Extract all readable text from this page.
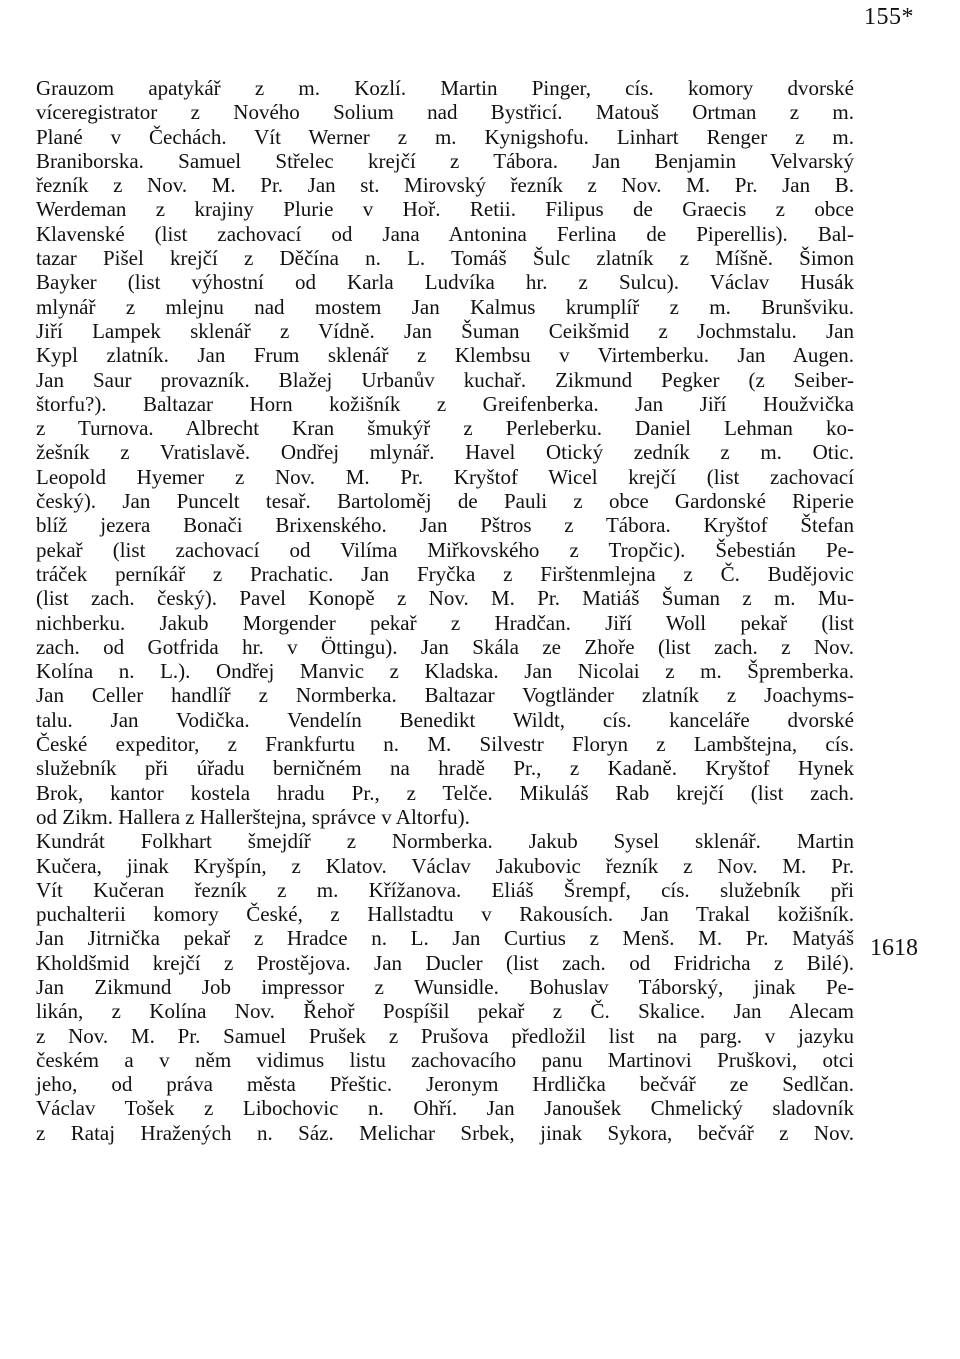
155*
1618
Grauzom apatykář z m. Kozlí. Martin Pinger, cís. komory dvorské
víceregistrator z Nového Solium nad Bystřicí. Matouš Ortman z m.
Plané v Čechách. Vít Werner z m. Kynigshofu. Linhart Renger z m.
Braniborska. Samuel Střelec krejčí z Tábora. Jan Benjamin Velvarský
řezník z Nov. M. Pr. Jan st. Mirovský řezník z Nov. M. Pr. Jan B.
Werdeman z krajiny Plurie v Hoř. Retii. Filipus de Graecis z obce
Klavenské (list zachovací od Jana Antonina Ferlina de Piperellis). Bal-
tazar Pišel krejčí z Děčína n. L. Tomáš Šulc zlatník z Míšně. Šimon
Bayker (list výhostní od Karla Ludvíka hr. z Sulcu). Václav Husák
mlynář z mlejnu nad mostem Jan Kalmus krumplíř z m. Brunšviku.
Jiří Lampek sklenář z Vídně. Jan Šuman Ceikšmid z Jochmstalu. Jan
Kypl zlatník. Jan Frum sklenář z Klembsu v Virtemberku. Jan Augen.
Jan Saur provazník. Blažej Urbanův kuchař. Zikmund Pegker (z Seiber-
štorfu?). Baltazar Horn kožišník z Greifenberka. Jan Jiří Houžvička
z Turnova. Albrecht Kran šmukýř z Perleberku. Daniel Lehman ko-
žešník z Vratislavě. Ondřej mlynář. Havel Otický zedník z m. Otic.
Leopold Hyemer z Nov. M. Pr. Kryštof Wicel krejčí (list zachovací
český). Jan Puncelt tesař. Bartoloměj de Pauli z obce Gardonské Riperie
blíž jezera Bonači Brixenského. Jan Pštros z Tábora. Kryštof Štefan
pekař (list zachovací od Vilíma Miřkovského z Tropčic). Šebestián Pe-
tráček perníkář z Prachatic. Jan Fryčka z Firštenmlejna z Č. Budějovic
(list zach. český). Pavel Konopě z Nov. M. Pr. Matiáš Šuman z m. Mu-
nichberku. Jakub Morgender pekař z Hradčan. Jiří Woll pekař (list
zach. od Gotfrida hr. v Öttingu). Jan Skála ze Zhoře (list zach. z Nov.
Kolína n. L.). Ondřej Manvic z Kladska. Jan Nicolai z m. Špremberka.
Jan Celler handlíř z Normberka. Baltazar Vogtländer zlatník z Joachyms-
talu. Jan Vodička. Vendelín Benedikt Wildt, cís. kanceláře dvorské
České expeditor, z Frankfurtu n. M. Silvestr Floryn z Lambštejna, cís.
služebník při úřadu berničném na hradě Pr., z Kadaně. Kryštof Hynek
Brok, kantor kostela hradu Pr., z Telče. Mikuláš Rab krejčí (list zach.
od Zikm. Hallera z Hallerštejna, správce v Altorfu).
Kundrát Folkhart šmejdíř z Normberka. Jakub Sysel sklenář. Martin
Kučera, jinak Kryšpín, z Klatov. Václav Jakubovic řezník z Nov. M. Pr.
Vít Kučeran řezník z m. Křížanova. Eliáš Šrempf, cís. služebník při
puchalterii komory České, z Hallstadtu v Rakousích. Jan Trakal kožišník.
Jan Jitrnička pekař z Hradce n. L. Jan Curtius z Menš. M. Pr. Matyáš
Kholdšmid krejčí z Prostějova. Jan Ducler (list zach. od Fridricha z Bilé).
Jan Zikmund Job impressor z Wunsidle. Bohuslav Táborský, jinak Pe-
likán, z Kolína Nov. Řehoř Pospíšil pekař z Č. Skalice. Jan Alecam
z Nov. M. Pr. Samuel Prušek z Prušova předložil list na parg. v jazyku
českém a v něm vidimus listu zachovacího panu Martinovi Pruškovi, otci
jeho, od práva města Přeštic. Jeronym Hrdlička bečvář ze Sedlčan.
Václav Tošek z Libochovic n. Ohří. Jan Janoušek Chmelický sladovník
z Rataj Hražených n. Sáz. Melichar Srbek, jinak Sykora, bečvář z Nov.
